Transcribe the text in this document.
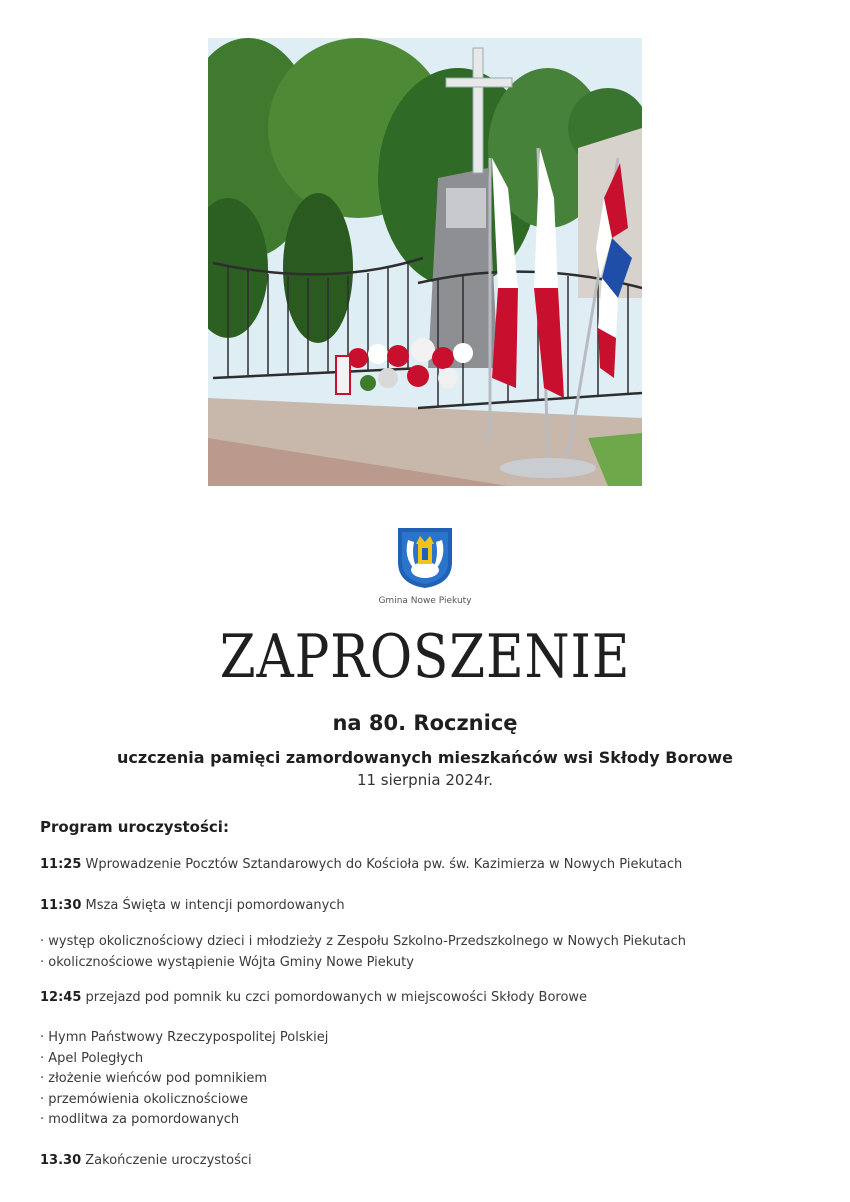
Gmina Nowe Piekuty
ZAPROSZENIE
na 80. Rocznicę
uczczenia pamięci zamordowanych mieszkańców wsi Skłody Borowe
11 sierpnia 2024r.
Program uroczystości:
11:25 Wprowadzenie Pocztów Sztandarowych do Kościoła pw. św. Kazimierza w Nowych Piekutach
11:30 Msza Święta w intencji pomordowanych
· występ okolicznościowy dzieci i młodzieży z Zespołu Szkolno-Przedszkolnego w Nowych Piekutach
· okolicznościowe wystąpienie Wójta Gminy Nowe Piekuty
12:45 przejazd pod pomnik ku czci pomordowanych w miejscowości Skłody Borowe
· Hymn Państwowy Rzeczypospolitej Polskiej
· Apel Poległych
· złożenie wieńców pod pomnikiem
· przemówienia okolicznościowe
· modlitwa za pomordowanych
13.30 Zakończenie uroczystości
